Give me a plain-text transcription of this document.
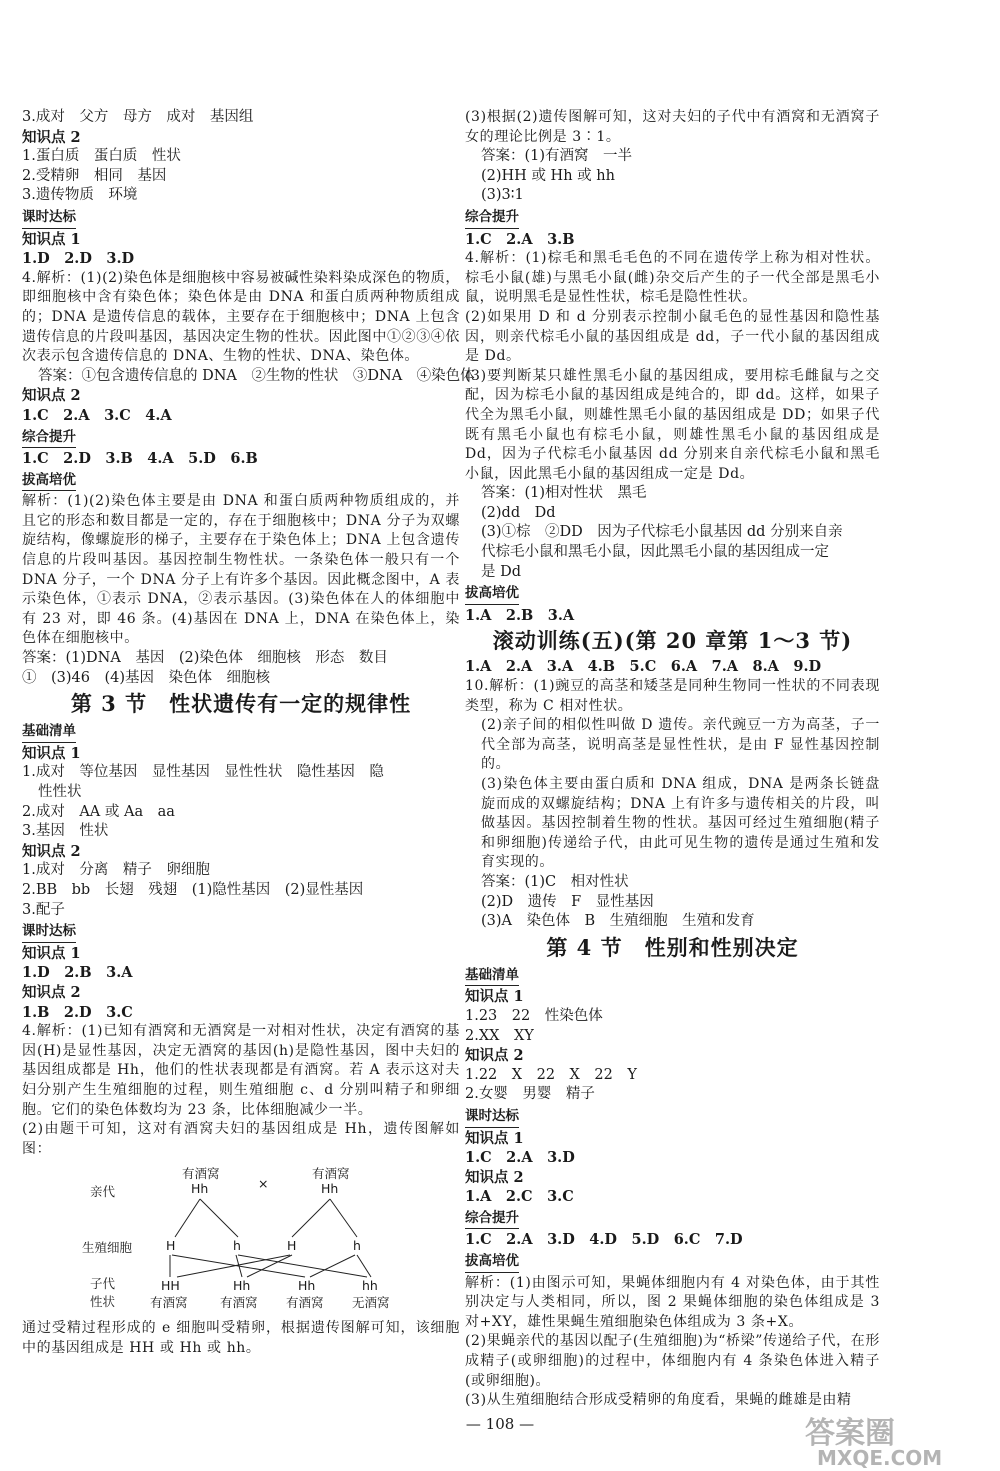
3.成对　父方　母方　成对　基因组
知识点 2
1.蛋白质　蛋白质　性状
2.受精卵　相同　基因
3.遗传物质　环境
课时达标
知识点 1
1.D　2.D　3.D
4.解析：(1)(2)染色体是细胞核中容易被碱性染料染成深色的物质，即细胞核中含有染色体；染色体是由 DNA 和蛋白质两种物质组成的；DNA 是遗传信息的载体，主要存在于细胞核中；DNA 上包含遗传信息的片段叫基因，基因决定生物的性状。因此图中①②③④依次表示包含遗传信息的 DNA、生物的性状、DNA、染色体。
答案：①包含遗传信息的 DNA　②生物的性状　③DNA　④染色体
知识点 2
1.C　2.A　3.C　4.A
综合提升
1.C　2.D　3.B　4.A　5.D　6.B
拔高培优
解析：(1)(2)染色体主要是由 DNA 和蛋白质两种物质组成的，并且它的形态和数目都是一定的，存在于细胞核中；DNA 分子为双螺旋结构，像螺旋形的梯子，主要存在于染色体上；DNA 上包含遗传信息的片段叫基因。基因控制生物性状。一条染色体一般只有一个 DNA 分子，一个 DNA 分子上有许多个基因。因此概念图中，A 表示染色体，①表示 DNA，②表示基因。(3)染色体在人的体细胞中有 23 对，即 46 条。(4)基因在 DNA 上，DNA 在染色体上，染色体在细胞核中。
答案：(1)DNA　基因　(2)染色体　细胞核　形态　数目
①　(3)46　(4)基因　染色体　细胞核
第 3 节　性状遗传有一定的规律性
基础清单
知识点 1
1.成对　等位基因　显性基因　显性性状　隐性基因　隐
性性状
2.成对　AA 或 Aa　aa
3.基因　性状
知识点 2
1.成对　分离　精子　卵细胞
2.BB　bb　长翅　残翅　(1)隐性基因　(2)显性基因
3.配子
课时达标
知识点 1
1.D　2.B　3.A
知识点 2
1.B　2.D　3.C
4.解析：(1)已知有酒窝和无酒窝是一对相对性状，决定有酒窝的基因(H)是显性基因，决定无酒窝的基因(h)是隐性基因，图中夫妇的基因组成都是 Hh，他们的性状表现都是有酒窝。若 A 表示这对夫妇分别产生生殖细胞的过程，则生殖细胞 c、d 分别叫精子和卵细胞。它们的染色体数均为 23 条，比体细胞减少一半。
(2)由题干可知，这对有酒窝夫妇的基因组成是 Hh，遗传图解如图：
亲代
有酒窝
Hh	×
有酒窝
Hh
生殖细胞	H	h	H	h
子代
性状
HH	Hh	Hh	hh
有酒窝	有酒窝 有酒窝 无酒窝
通过受精过程形成的 e 细胞叫受精卵，根据遗传图解可知，该细胞中的基因组成是 HH 或 Hh 或 hh。
(3)根据(2)遗传图解可知，这对夫妇的子代中有酒窝和无酒窝子女的理论比例是 3∶1。
答案：(1)有酒窝　一半
(2)HH 或 Hh 或 hh
(3)3∶1
综合提升
1.C　2.A　3.B
4.解析：(1)棕毛和黑毛毛色的不同在遗传学上称为相对性状。棕毛小鼠(雄)与黑毛小鼠(雌)杂交后产生的子一代全部是黑毛小鼠，说明黑毛是显性性状，棕毛是隐性性状。
(2)如果用 D 和 d 分别表示控制小鼠毛色的显性基因和隐性基因，则亲代棕毛小鼠的基因组成是 dd，子一代小鼠的基因组成是 Dd。
(3)要判断某只雄性黑毛小鼠的基因组成，要用棕毛雌鼠与之交配，因为棕毛小鼠的基因组成是纯合的，即 dd。这样，如果子代全为黑毛小鼠，则雄性黑毛小鼠的基因组成是 DD；如果子代既有黑毛小鼠也有棕毛小鼠，则雄性黑毛小鼠的基因组成是 Dd，因为子代棕毛小鼠基因 dd 分别来自亲代棕毛小鼠和黑毛小鼠，因此黑毛小鼠的基因组成一定是 Dd。
答案：(1)相对性状　黑毛
(2)dd　Dd
(3)①棕　②DD　因为子代棕毛小鼠基因 dd 分别来自亲
代棕毛小鼠和黑毛小鼠，因此黑毛小鼠的基因组成一定
是 Dd
拔高培优
1.A　2.B　3.A
滚动训练(五)(第 20 章第 1～3 节)
1.A　2.A　3.A　4.B　5.C　6.A　7.A　8.A　9.D
10.解析：(1)豌豆的高茎和矮茎是同种生物同一性状的不同表现类型，称为 C 相对性状。
(2)亲子间的相似性叫做 D 遗传。亲代豌豆一方为高茎，子一代全部为高茎，说明高茎是显性性状，是由 F 显性基因控制的。
(3)染色体主要由蛋白质和 DNA 组成，DNA 是两条长链盘旋而成的双螺旋结构；DNA 上有许多与遗传相关的片段，叫做基因。基因控制着生物的性状。基因可经过生殖细胞(精子和卵细胞)传递给子代，由此可见生物的遗传是通过生殖和发育实现的。
答案：(1)C　相对性状
(2)D　遗传　F　显性基因
(3)A　染色体　B　生殖细胞　生殖和发育
第 4 节　性别和性别决定
基础清单
知识点 1
1.23　22　性染色体
2.XX　XY
知识点 2
1.22　X　22　X　22　Y
2.女婴　男婴　精子
课时达标
知识点 1
1.C　2.A　3.D
知识点 2
1.A　2.C　3.C
综合提升
1.C　2.A　3.D　4.D　5.D　6.C　7.D
拔高培优
解析：(1)由图示可知，果蝇体细胞内有 4 对染色体，由于其性别决定与人类相同，所以，图 2 果蝇体细胞的染色体组成是 3 对+XY，雄性果蝇生殖细胞染色体组成为 3 条+X。
(2)果蝇亲代的基因以配子(生殖细胞)为“桥梁”传递给子代，在形成精子(或卵细胞)的过程中，体细胞内有 4 条染色体进入精子(或卵细胞)。
(3)从生殖细胞结合形成受精卵的角度看，果蝇的雌雄是由精
— 108 —	答案圈
MXQE.COM
